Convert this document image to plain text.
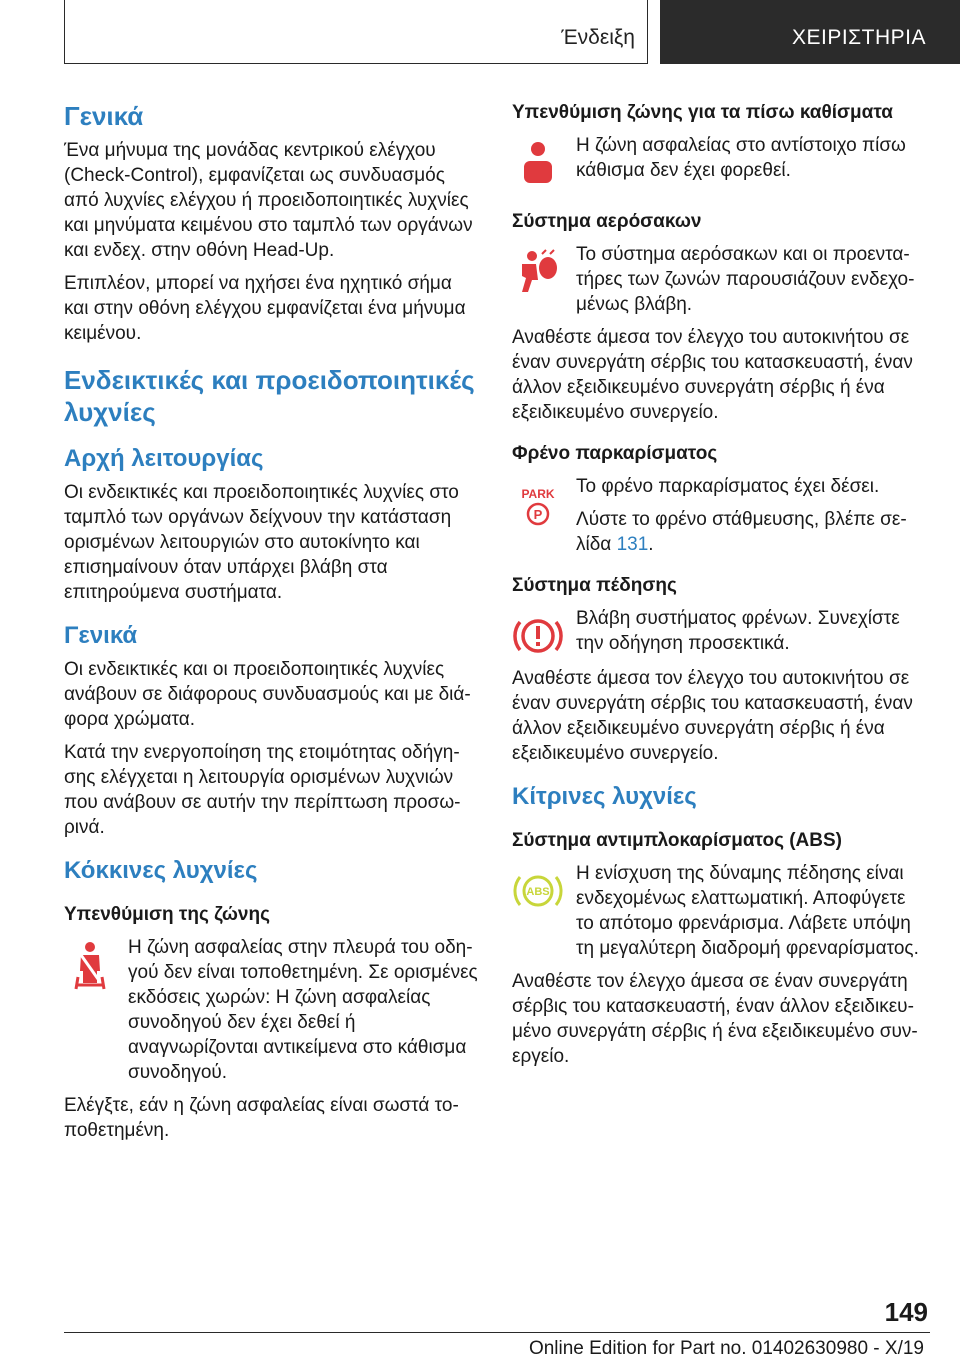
Ένδειξη	ΧΕΙΡΙΣΤΗΡΙΑ
Γενικά

Ένα μήνυμα της μονάδας κεντρικού ελέγχου (Check-Control), εμφανίζεται ως συνδυασμός από λυχνίες ελέγχου ή προειδοποιητικές λυχνίες και μηνύματα κειμένου στο ταμπλό των οργάνων και ενδεχ. στην οθόνη Head-Up.

Επιπλέον, μπορεί να ηχήσει ένα ηχητικό σήμα και στην οθόνη ελέγχου εμφανίζεται ένα μήνυμα κειμένου.

Ενδεικτικές και προειδοποιητικές λυχνίες
Αρχή λειτουργίας

Οι ενδεικτικές και προειδοποιητικές λυχνίες στο ταμπλό των οργάνων δείχνουν την κατάσταση ορισμένων λειτουργιών στο αυτοκίνητο και επισημαίνουν όταν υπάρχει βλάβη στα επιτηρούμενα συστήματα.

Γενικά

Οι ενδεικτικές και οι προειδοποιητικές λυχνίες ανάβουν σε διάφορους συνδυασμούς και με διάφορα χρώματα.

Κατά την ενεργοποίηση της ετοιμότητας οδήγησης ελέγχεται η λειτουργία ορισμένων λυχνιών που ανάβουν σε αυτήν την περίπτωση προσωρινά.

Κόκκινες λυχνίες
Υπενθύμιση της ζώνης

Η ζώνη ασφαλείας στην πλευρά του οδηγού δεν είναι τοποθετημένη. Σε ορισμένες εκδόσεις χωρών: Η ζώνη ασφαλείας συνοδηγού δεν έχει δεθεί ή αναγνωρίζονται αντικείμενα στο κάθισμα συνοδηγού.

Ελέγξτε, εάν η ζώνη ασφαλείας είναι σωστά τοποθετημένη.

Υπενθύμιση ζώνης για τα πίσω καθίσματα

Η ζώνη ασφαλείας στο αντίστοιχο πίσω κάθισμα δεν έχει φορεθεί.

Σύστημα αερόσακων

Το σύστημα αερόσακων και οι προεντατήρες των ζωνών παρουσιάζουν ενδεχομένως βλάβη.

Αναθέστε άμεσα τον έλεγχο του αυτοκινήτου σε έναν συνεργάτη σέρβις του κατασκευαστή, έναν άλλον εξειδικευμένο συνεργάτη σέρβις ή ένα εξειδικευμένο συνεργείο.

Φρένο παρκαρίσματος
PARK
P

Το φρένο παρκαρίσματος έχει δέσει.

Λύστε το φρένο στάθμευσης, βλέπε σελίδα 131.

Σύστημα πέδησης

Βλάβη συστήματος φρένων. Συνεχίστε την οδήγηση προσεκτικά.

Αναθέστε άμεσα τον έλεγχο του αυτοκινήτου σε έναν συνεργάτη σέρβις του κατασκευαστή, έναν άλλον εξειδικευμένο συνεργάτη σέρβις ή ένα εξειδικευμένο συνεργείο.

Κίτρινες λυχνίες
Σύστημα αντιμπλοκαρίσματος (ABS)
ABS

Η ενίσχυση της δύναμης πέδησης είναι ενδεχομένως ελαττωματική. Αποφύγετε το απότομο φρενάρισμα. Λάβετε υπόψη τη μεγαλύτερη διαδρομή φρεναρίσματος.

Αναθέστε τον έλεγχο άμεσα σε έναν συνεργάτη σέρβις του κατασκευαστή, έναν άλλον εξειδικευμένο συνεργάτη σέρβις ή ένα εξειδικευμένο συνεργείο.

149
Online Edition for Part no. 01402630980 - X/19
